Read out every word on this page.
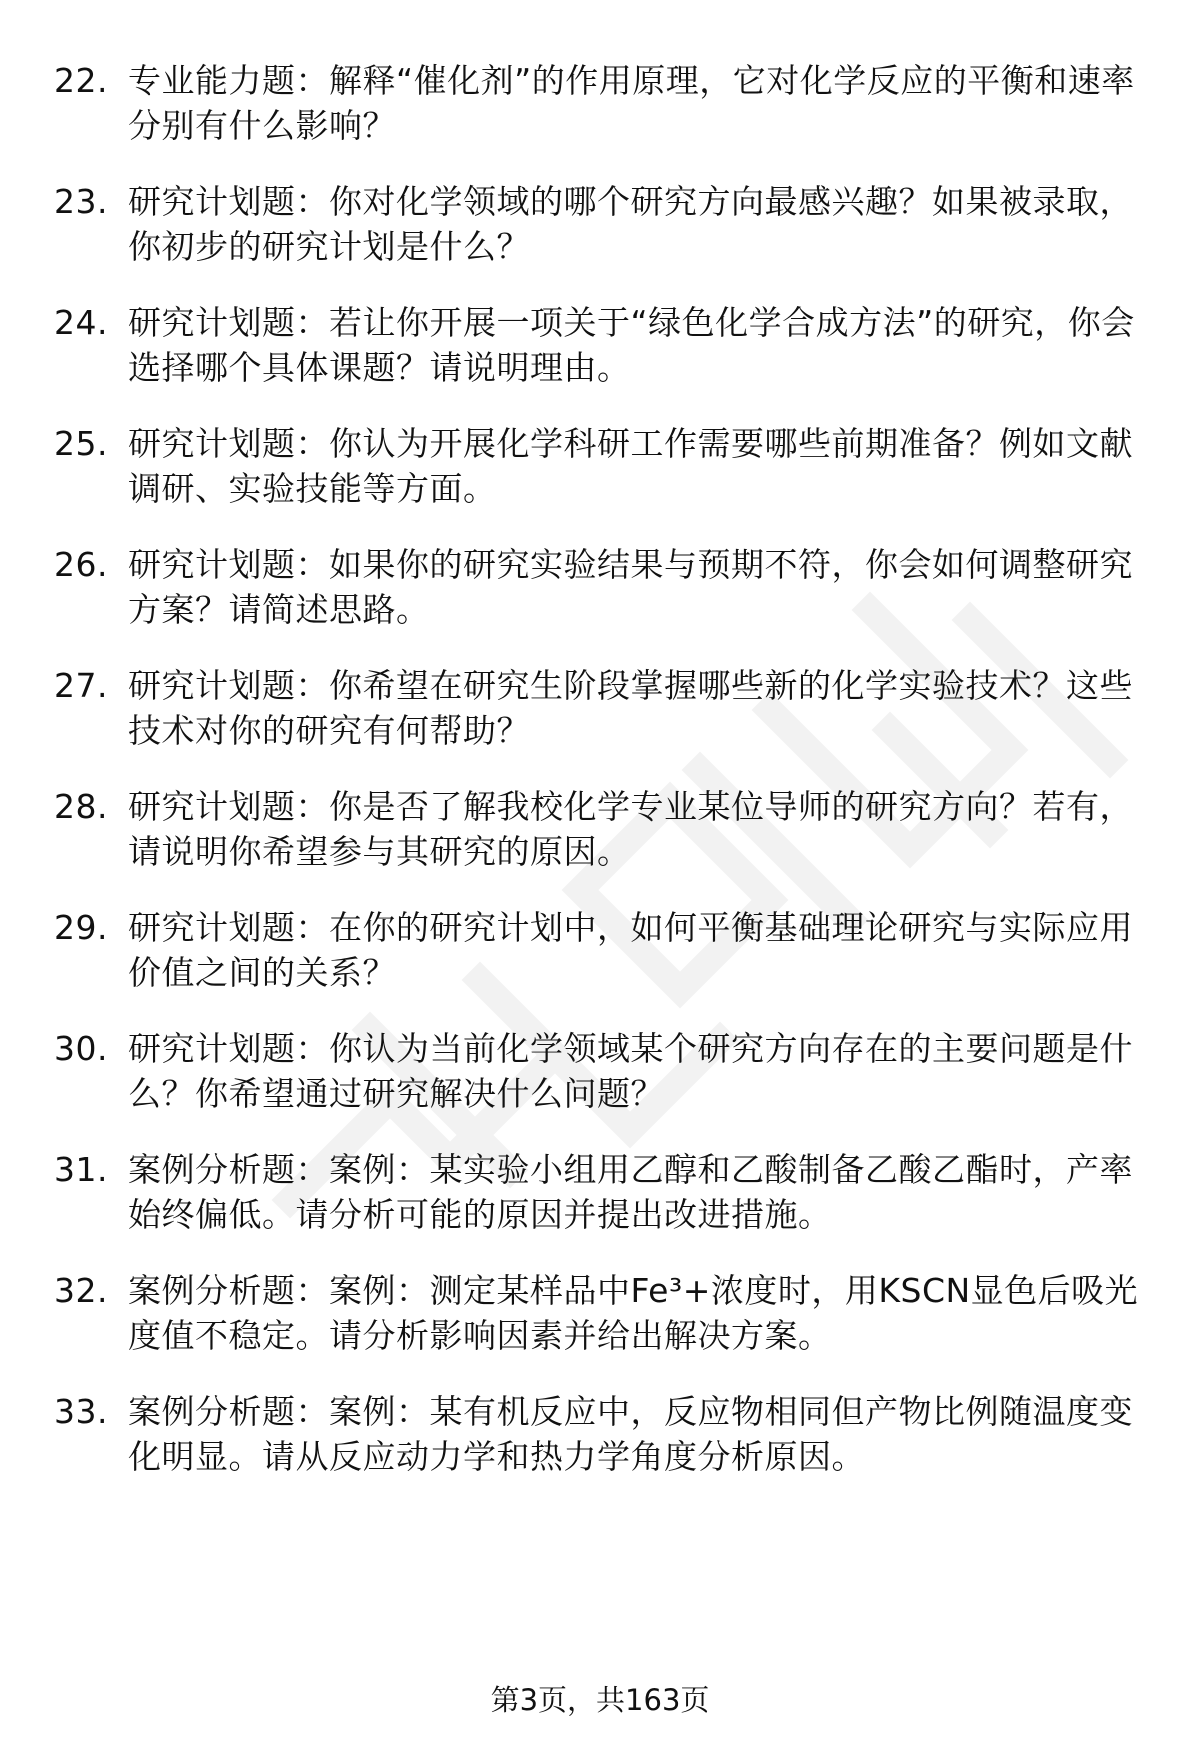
22. 专业能力题：解释“催化剂”的作用原理，它对化学反应的平衡和速率分别有什么影响？
23. 研究计划题：你对化学领域的哪个研究方向最感兴趣？如果被录取，你初步的研究计划是什么？
24. 研究计划题：若让你开展一项关于“绿色化学合成方法”的研究，你会选择哪个具体课题？请说明理由。
25. 研究计划题：你认为开展化学科研工作需要哪些前期准备？例如文献调研、实验技能等方面。
26. 研究计划题：如果你的研究实验结果与预期不符，你会如何调整研究方案？请简述思路。
27. 研究计划题：你希望在研究生阶段掌握哪些新的化学实验技术？这些技术对你的研究有何帮助？
28. 研究计划题：你是否了解我校化学专业某位导师的研究方向？若有，请说明你希望参与其研究的原因。
29. 研究计划题：在你的研究计划中，如何平衡基础理论研究与实际应用价值之间的关系？
30. 研究计划题：你认为当前化学领域某个研究方向存在的主要问题是什么？你希望通过研究解决什么问题？
31. 案例分析题：案例：某实验小组用乙醇和乙酸制备乙酸乙酯时，产率始终偏低。请分析可能的原因并提出改进措施。
32. 案例分析题：案例：测定某样品中Fe³+浓度时，用KSCN显色后吸光度值不稳定。请分析影响因素并给出解决方案。
33. 案例分析题：案例：某有机反应中，反应物相同但产物比例随温度变化明显。请从反应动力学和热力学角度分析原因。
第3页，共163页
